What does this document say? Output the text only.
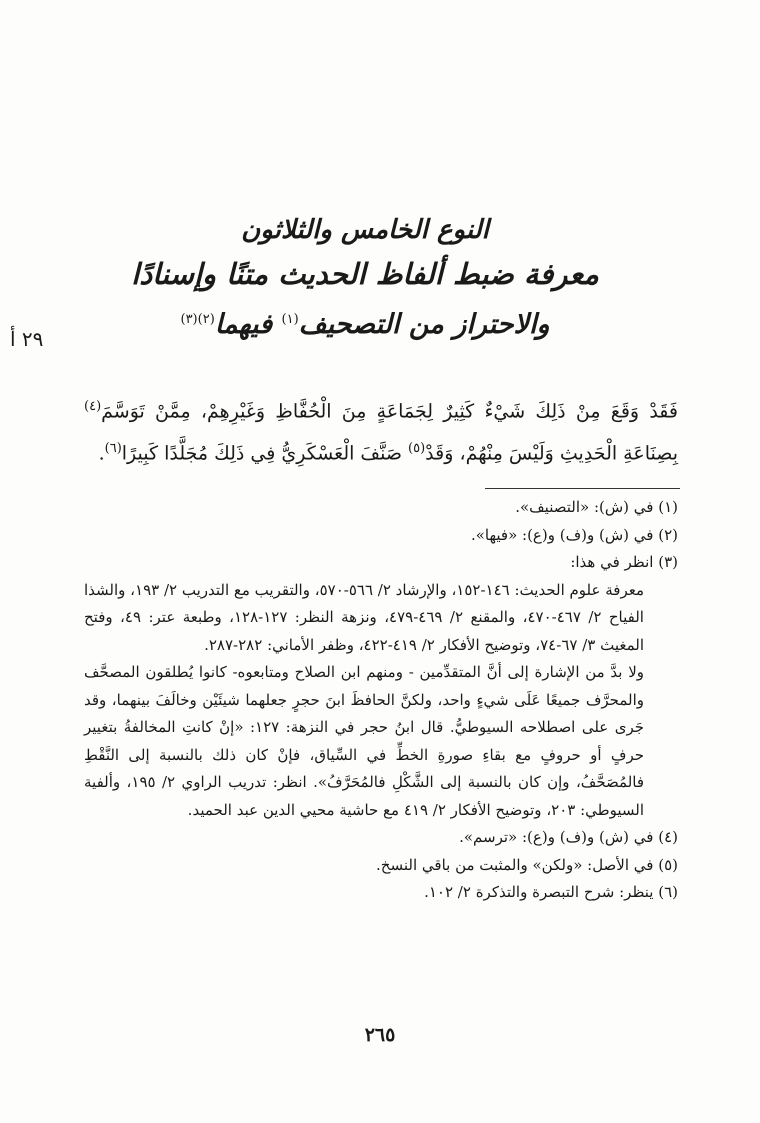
٢٩ أ
النوع الخامس والثلاثون
معرفة ضبط ألفاظ الحديث متنًا وإسنادًا
والاحتراز من التصحيف$^{(١)}$ فيهما$^{(٢)(٣)}$
فَقَدْ وَقَعَ مِنْ ذَلِكَ شَيْءٌ كَثِيرٌ لِجَمَاعَةٍ مِنَ الْحُفَّاظِ وَغَيْرِهِمْ، مِمَّنْ تَوَسَّمَ$^{(٤)}$ بِصِنَاعَةِ الْحَدِيثِ وَلَيْسَ مِنْهُمْ، وَقَدْ$^{(٥)}$ صَنَّفَ الْعَسْكَرِيُّ فِي ذَلِكَ مُجَلَّدًا كَبِيرًا$^{(٦)}$.
(١) في (ش): «التصنيف».
(٢) في (ش) و(ف) و(ع): «فيها».
(٣) انظر في هذا:
معرفة علوم الحديث: ١٤٦-١٥٢، والإرشاد ٢/ ٥٦٦-٥٧٠، والتقريب مع التدريب ٢/ ١٩٣، والشذا الفياح ٢/ ٤٦٧-٤٧٠، والمقنع ٢/ ٤٦٩-٤٧٩، ونزهة النظر: ١٢٧-١٢٨، وطبعة عتر: ٤٩، وفتح المغيث ٣/ ٦٧-٧٤، وتوضيح الأفكار ٢/ ٤١٩-٤٢٢، وظفر الأماني: ٢٨٢-٢٨٧.
ولا بدَّ من الإشارة إلى أنَّ المتقدِّمين - ومنهم ابن الصلاح ومتابعوه- كانوا يُطلقون المصحَّف والمحرَّف جميعًا عَلَى شيءٍ واحد، ولكنَّ الحافظَ ابنَ حجرٍ جعلهما شيئَيْن وخالَفَ بينهما، وقد جَرى على اصطلاحه السيوطيُّ. قال ابنُ حجر في النزهة: ١٢٧: «إنْ كانتِ المخالفةُ بتغيير حرفٍ أو حروفٍ مع بقاءِ صورةِ الخطِّ في السِّياق، فإنْ كان ذلك بالنسبة إلى النَّقْطِ فالمُصَحَّفُ، وإن كان بالنسبة إلى الشَّكْلِ فالمُحَرَّفُ». انظر: تدريب الراوي ٢/ ١٩٥، وألفية السيوطي: ٢٠٣، وتوضيح الأفكار ٢/ ٤١٩ مع حاشية محيي الدين عبد الحميد.
(٤) في (ش) و(ف) و(ع): «ترسم».
(٥) في الأصل: «ولكن» والمثبت من باقي النسخ.
(٦) ينظر: شرح التبصرة والتذكرة ٢/ ١٠٢.
٢٦٥
